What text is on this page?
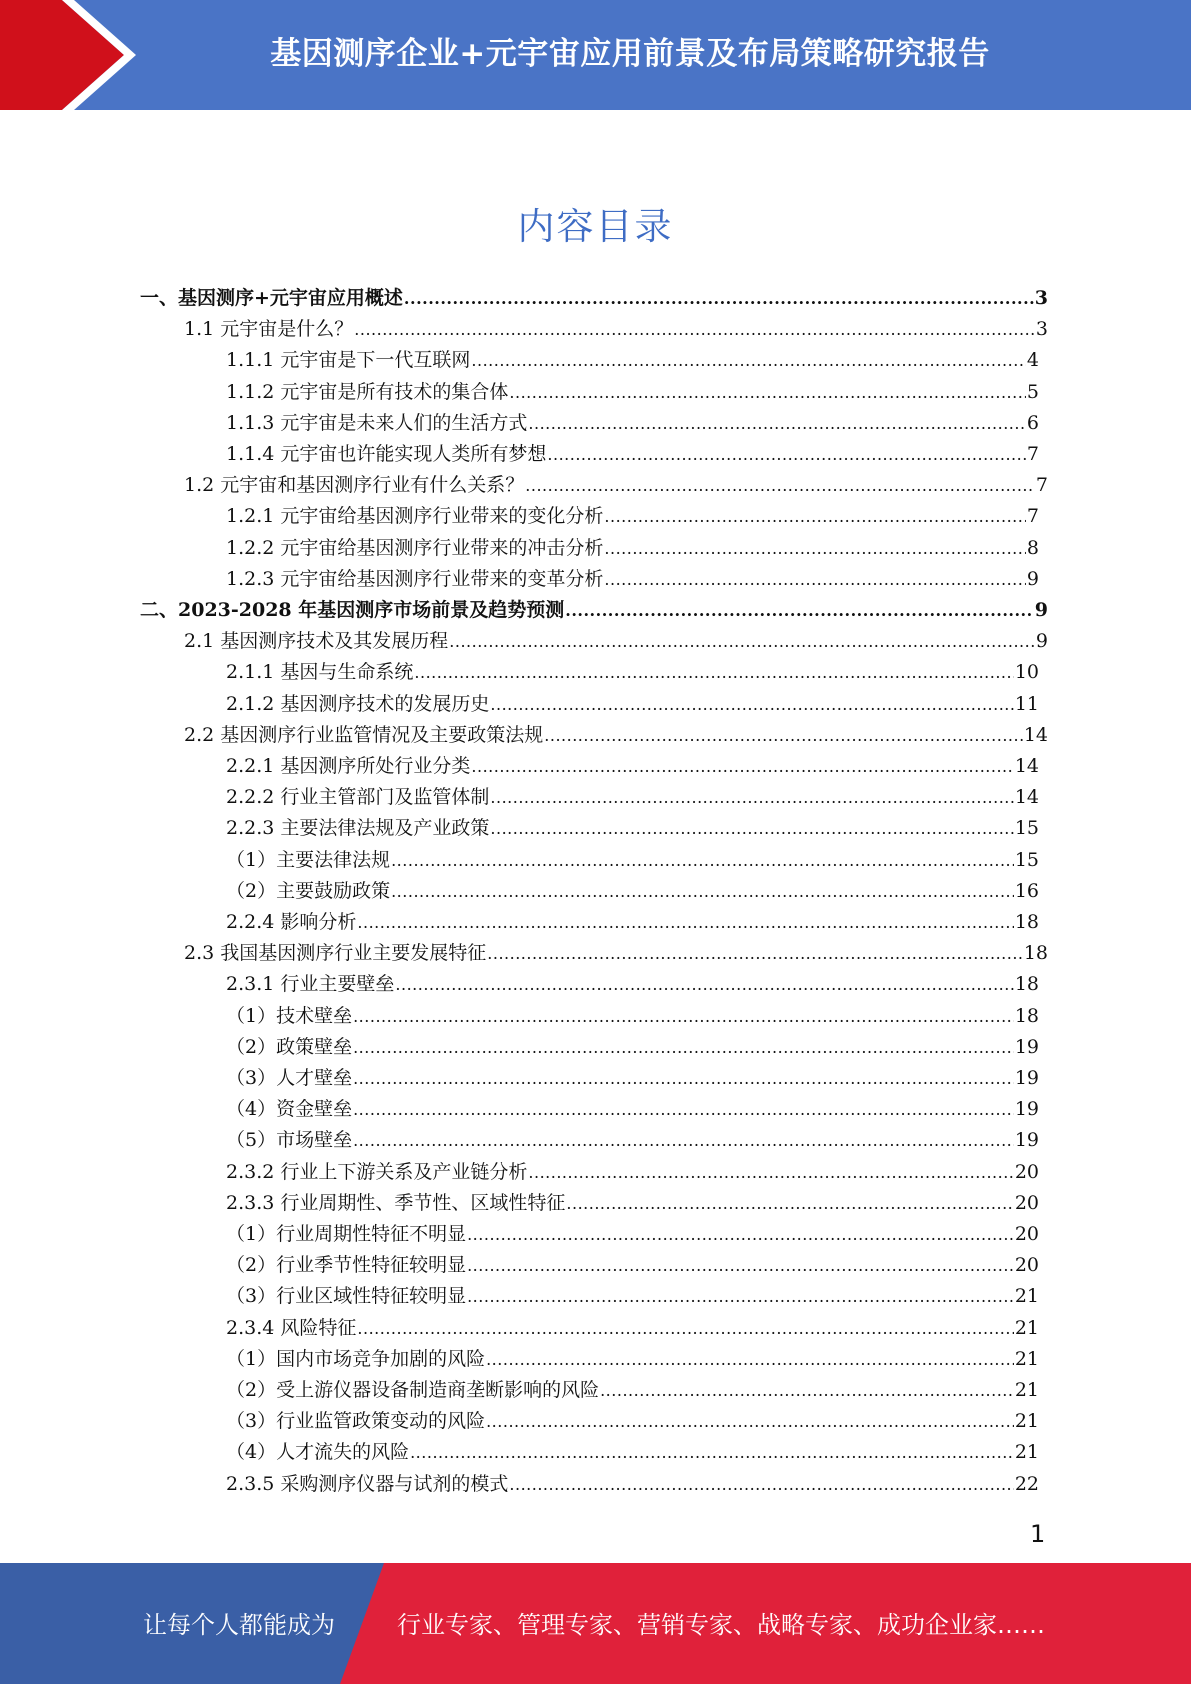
基因测序企业+元宇宙应用前景及布局策略研究报告
内容目录
一、基因测序+元宇宙应用概述 .....	3
1.1 元宇宙是什么？ .....	3
1.1.1 元宇宙是下一代互联网 .....	4
1.1.2 元宇宙是所有技术的集合体 .....	5
1.1.3 元宇宙是未来人们的生活方式 .....	6
1.1.4 元宇宙也许能实现人类所有梦想 .....	7
1.2 元宇宙和基因测序行业有什么关系？ .....	7
1.2.1 元宇宙给基因测序行业带来的变化分析 .....	7
1.2.2 元宇宙给基因测序行业带来的冲击分析 .....	8
1.2.3 元宇宙给基因测序行业带来的变革分析 .....	9
二、2023-2028 年基因测序市场前景及趋势预测 .....	9
2.1 基因测序技术及其发展历程 .....	9
2.1.1 基因与生命系统 .....	10
2.1.2 基因测序技术的发展历史 .....	11
2.2 基因测序行业监管情况及主要政策法规 .....	14
2.2.1 基因测序所处行业分类 .....	14
2.2.2 行业主管部门及监管体制 .....	14
2.2.3 主要法律法规及产业政策 .....	15
（1）主要法律法规 .....	15
（2）主要鼓励政策 .....	16
2.2.4 影响分析 .....	18
2.3 我国基因测序行业主要发展特征 .....	18
2.3.1 行业主要壁垒 .....	18
（1）技术壁垒 .....	18
（2）政策壁垒 .....	19
（3）人才壁垒 .....	19
（4）资金壁垒 .....	19
（5）市场壁垒 .....	19
2.3.2 行业上下游关系及产业链分析 .....	20
2.3.3 行业周期性、季节性、区域性特征 .....	20
（1）行业周期性特征不明显 .....	20
（2）行业季节性特征较明显 .....	20
（3）行业区域性特征较明显 .....	21
2.3.4 风险特征 .....	21
（1）国内市场竞争加剧的风险 .....	21
（2）受上游仪器设备制造商垄断影响的风险 .....	21
（3）行业监管政策变动的风险 .....	21
（4）人才流失的风险 .....	21
2.3.5 采购测序仪器与试剂的模式 .....	22
1
让每个人都能成为	行业专家、管理专家、营销专家、战略专家、成功企业家……
